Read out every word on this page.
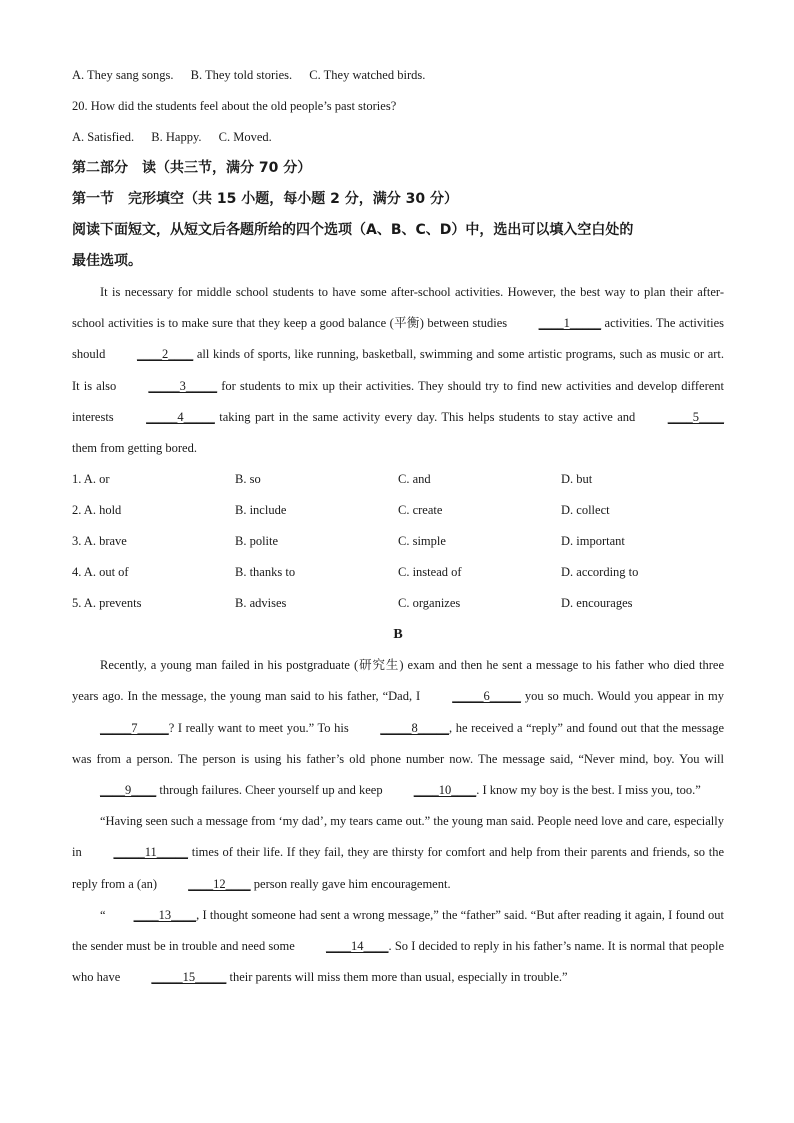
A. They sang songs. B. They told stories. C. They watched birds.
20. How did the students feel about the old people’s past stories?
A. Satisfied. B. Happy. C. Moved.
第二部分　读（共三节，满分 70 分）
第一节　完形填空（共 15 小题，每小题 2 分，满分 30 分）
阅读下面短文，从短文后各题所给的四个选项（A、B、C、D）中，选出可以填入空白处的
最佳选项。

It is necessary for middle school students to have some after-school activities. However, the best way to plan their after-school activities is to make sure that they keep a good balance (平衡) between studies ____1_____ activities. The activities should ____2____ all kinds of sports, like running, basketball, swimming and some artistic programs, such as music or art. It is also _____3_____ for students to mix up their activities. They should try to find new activities and develop different interests _____4_____ taking part in the same activity every day. This helps students to stay active and ____5____ them from getting bored.

1. A. or	B. so	C. and	D. but
2. A. hold	B. include	C. create	D. collect
3. A. brave	B. polite	C. simple	D. important
4. A. out of	B. thanks to	C. instead of	D. according to
5. A. prevents	B. advises	C. organizes	D. encourages
B

Recently, a young man failed in his postgraduate (研究生) exam and then he sent a message to his father who died three years ago. In the message, the young man said to his father, “Dad, I _____6_____ you so much. Would you appear in my _____7_____? I really want to meet you.” To his _____8_____, he received a “reply” and found out that the message was from a person. The person is using his father’s old phone number now. The message said, “Never mind, boy. You will ____9____ through failures. Cheer yourself up and keep ____10____. I know my boy is the best. I miss you, too.”

“Having seen such a message from ‘my dad’, my tears came out.” the young man said. People need love and care, especially in _____11_____ times of their life. If they fail, they are thirsty for comfort and help from their parents and friends, so the reply from a (an) ____12____ person really gave him encouragement.

“ ____13____, I thought someone had sent a wrong message,” the “father” said. “But after reading it again, I found out the sender must be in trouble and need some ____14____. So I decided to reply in his father’s name. It is normal that people who have _____15_____ their parents will miss them more than usual, especially in trouble.”
